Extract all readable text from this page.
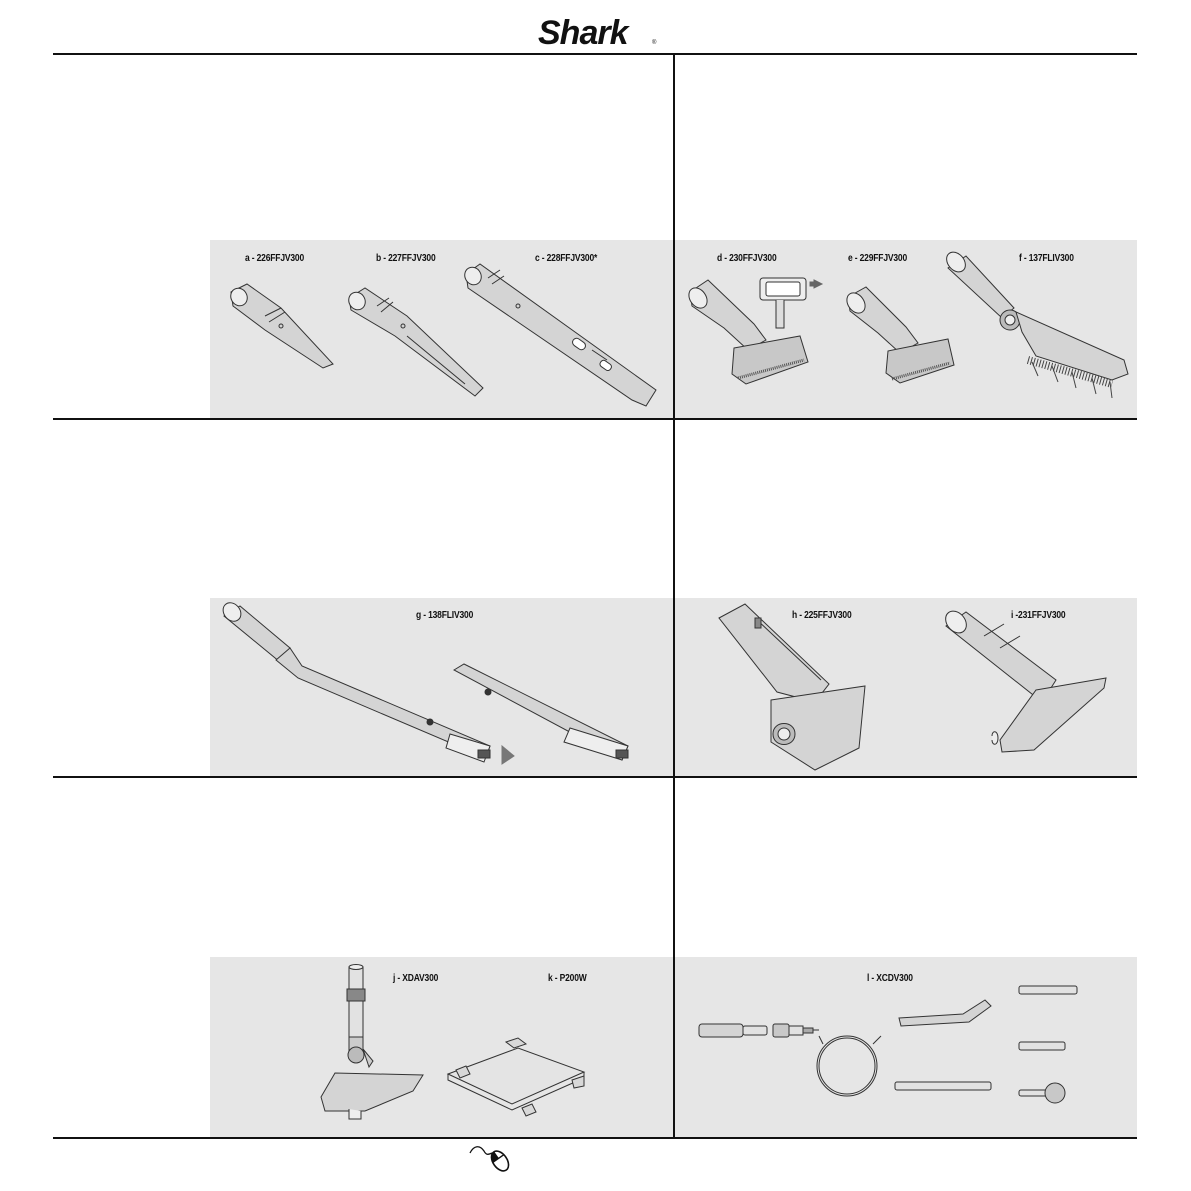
Shark	®
a - 226FFJV300	b - 227FFJV300	c - 228FFJV300*	d - 230FFJV300	e - 229FFJV300	f - 137FLIV300
g - 138FLIV300	h - 225FFJV300	i -231FFJV300
j - XDAV300	k - P200W	l - XCDV300
